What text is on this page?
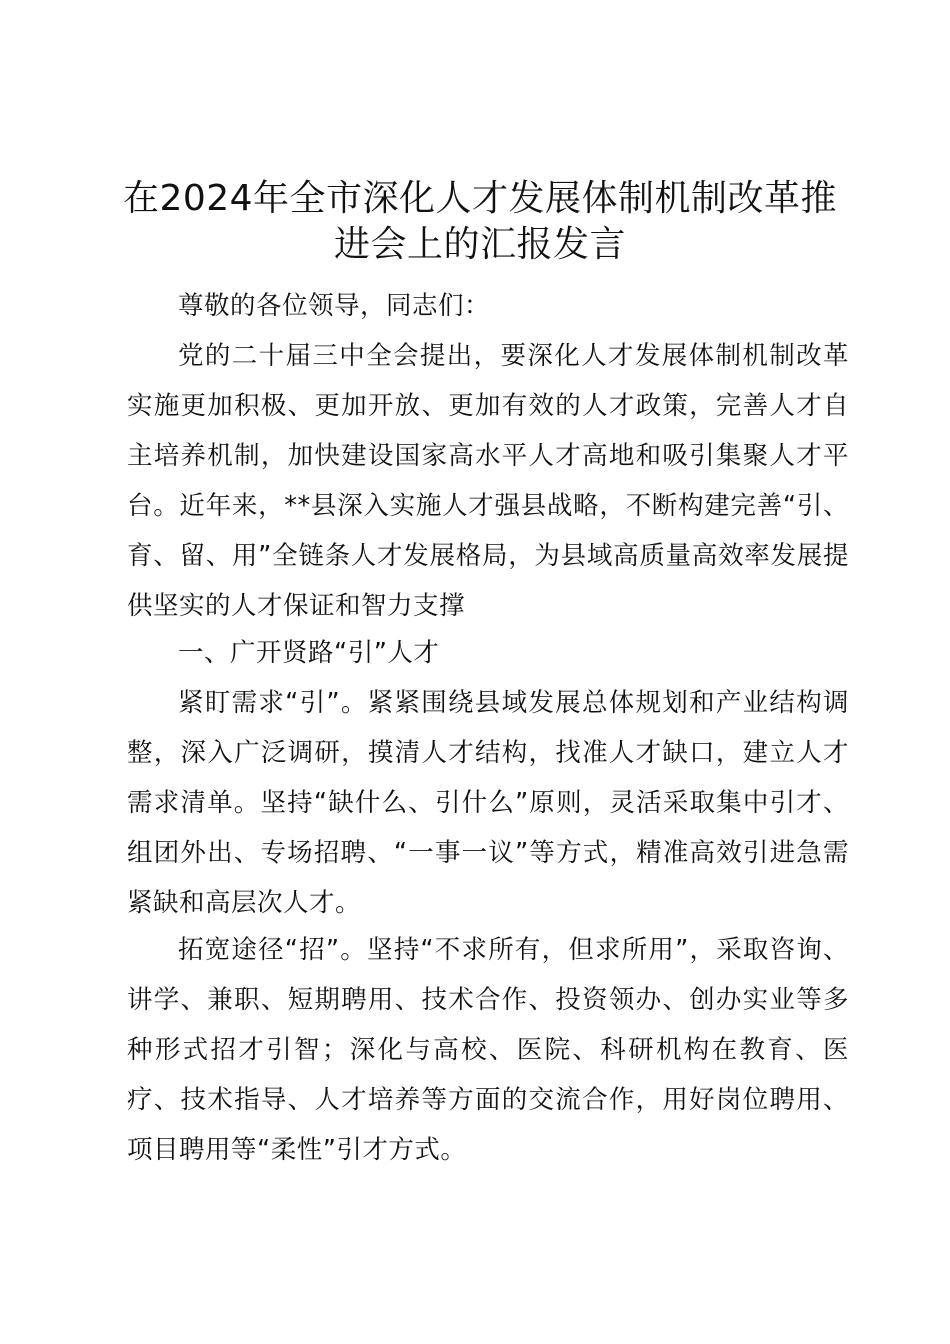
在2024年全市深化人才发展体制机制改革推进会上的汇报发言

尊敬的各位领导，同志们：

党的二十届三中全会提出，要深化人才发展体制机制改革实施更加积极、更加开放、更加有效的人才政策，完善人才自主培养机制，加快建设国家高水平人才高地和吸引集聚人才平台。近年来，**县深入实施人才强县战略，不断构建完善“引、育、留、用”全链条人才发展格局，为县域高质量高效率发展提供坚实的人才保证和智力支撑

一、广开贤路“引”人才

紧盯需求“引”。紧紧围绕县域发展总体规划和产业结构调整，深入广泛调研，摸清人才结构，找准人才缺口，建立人才需求清单。坚持“缺什么、引什么”原则，灵活采取集中引才、组团外出、专场招聘、“一事一议”等方式，精准高效引进急需紧缺和高层次人才。

拓宽途径“招”。坚持“不求所有，但求所用”，采取咨询、讲学、兼职、短期聘用、技术合作、投资领办、创办实业等多种形式招才引智；深化与高校、医院、科研机构在教育、医疗、技术指导、人才培养等方面的交流合作，用好岗位聘用、项目聘用等“柔性”引才方式。
